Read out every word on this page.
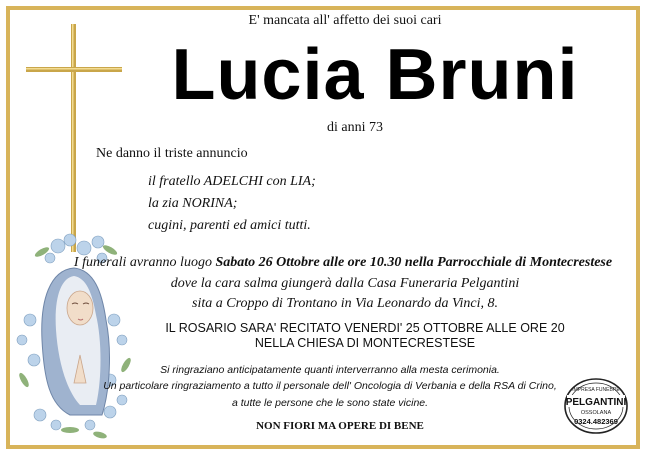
E' mancata all' affetto dei suoi cari
Lucia Bruni
di anni 73
Ne danno il triste annuncio
il fratello ADELCHI con LIA;
la zia NORINA;
cugini, parenti ed amici tutti.
I funerali avranno luogo Sabato 26 Ottobre alle ore 10.30 nella Parrocchiale di Montecrestese
dove la cara salma giungerà dalla Casa Funeraria Pelgantini
sita a Croppo di Trontano in Via Leonardo da Vinci, 8.
IL ROSARIO SARA' RECITATO VENERDI' 25 OTTOBRE ALLE ORE 20
NELLA CHIESA DI MONTECRESTESE
Si ringraziano anticipatamente quanti interverranno alla mesta cerimonia.
Un particolare ringraziamento a tutto il personale dell' Oncologia di Verbania e della RSA di Crino,
a tutte le persone che le sono state vicine.
NON FIORI MA OPERE DI BENE
IMPRESA FUNEBRE
PELGANTINI
OSSOLANA
0324.482369
